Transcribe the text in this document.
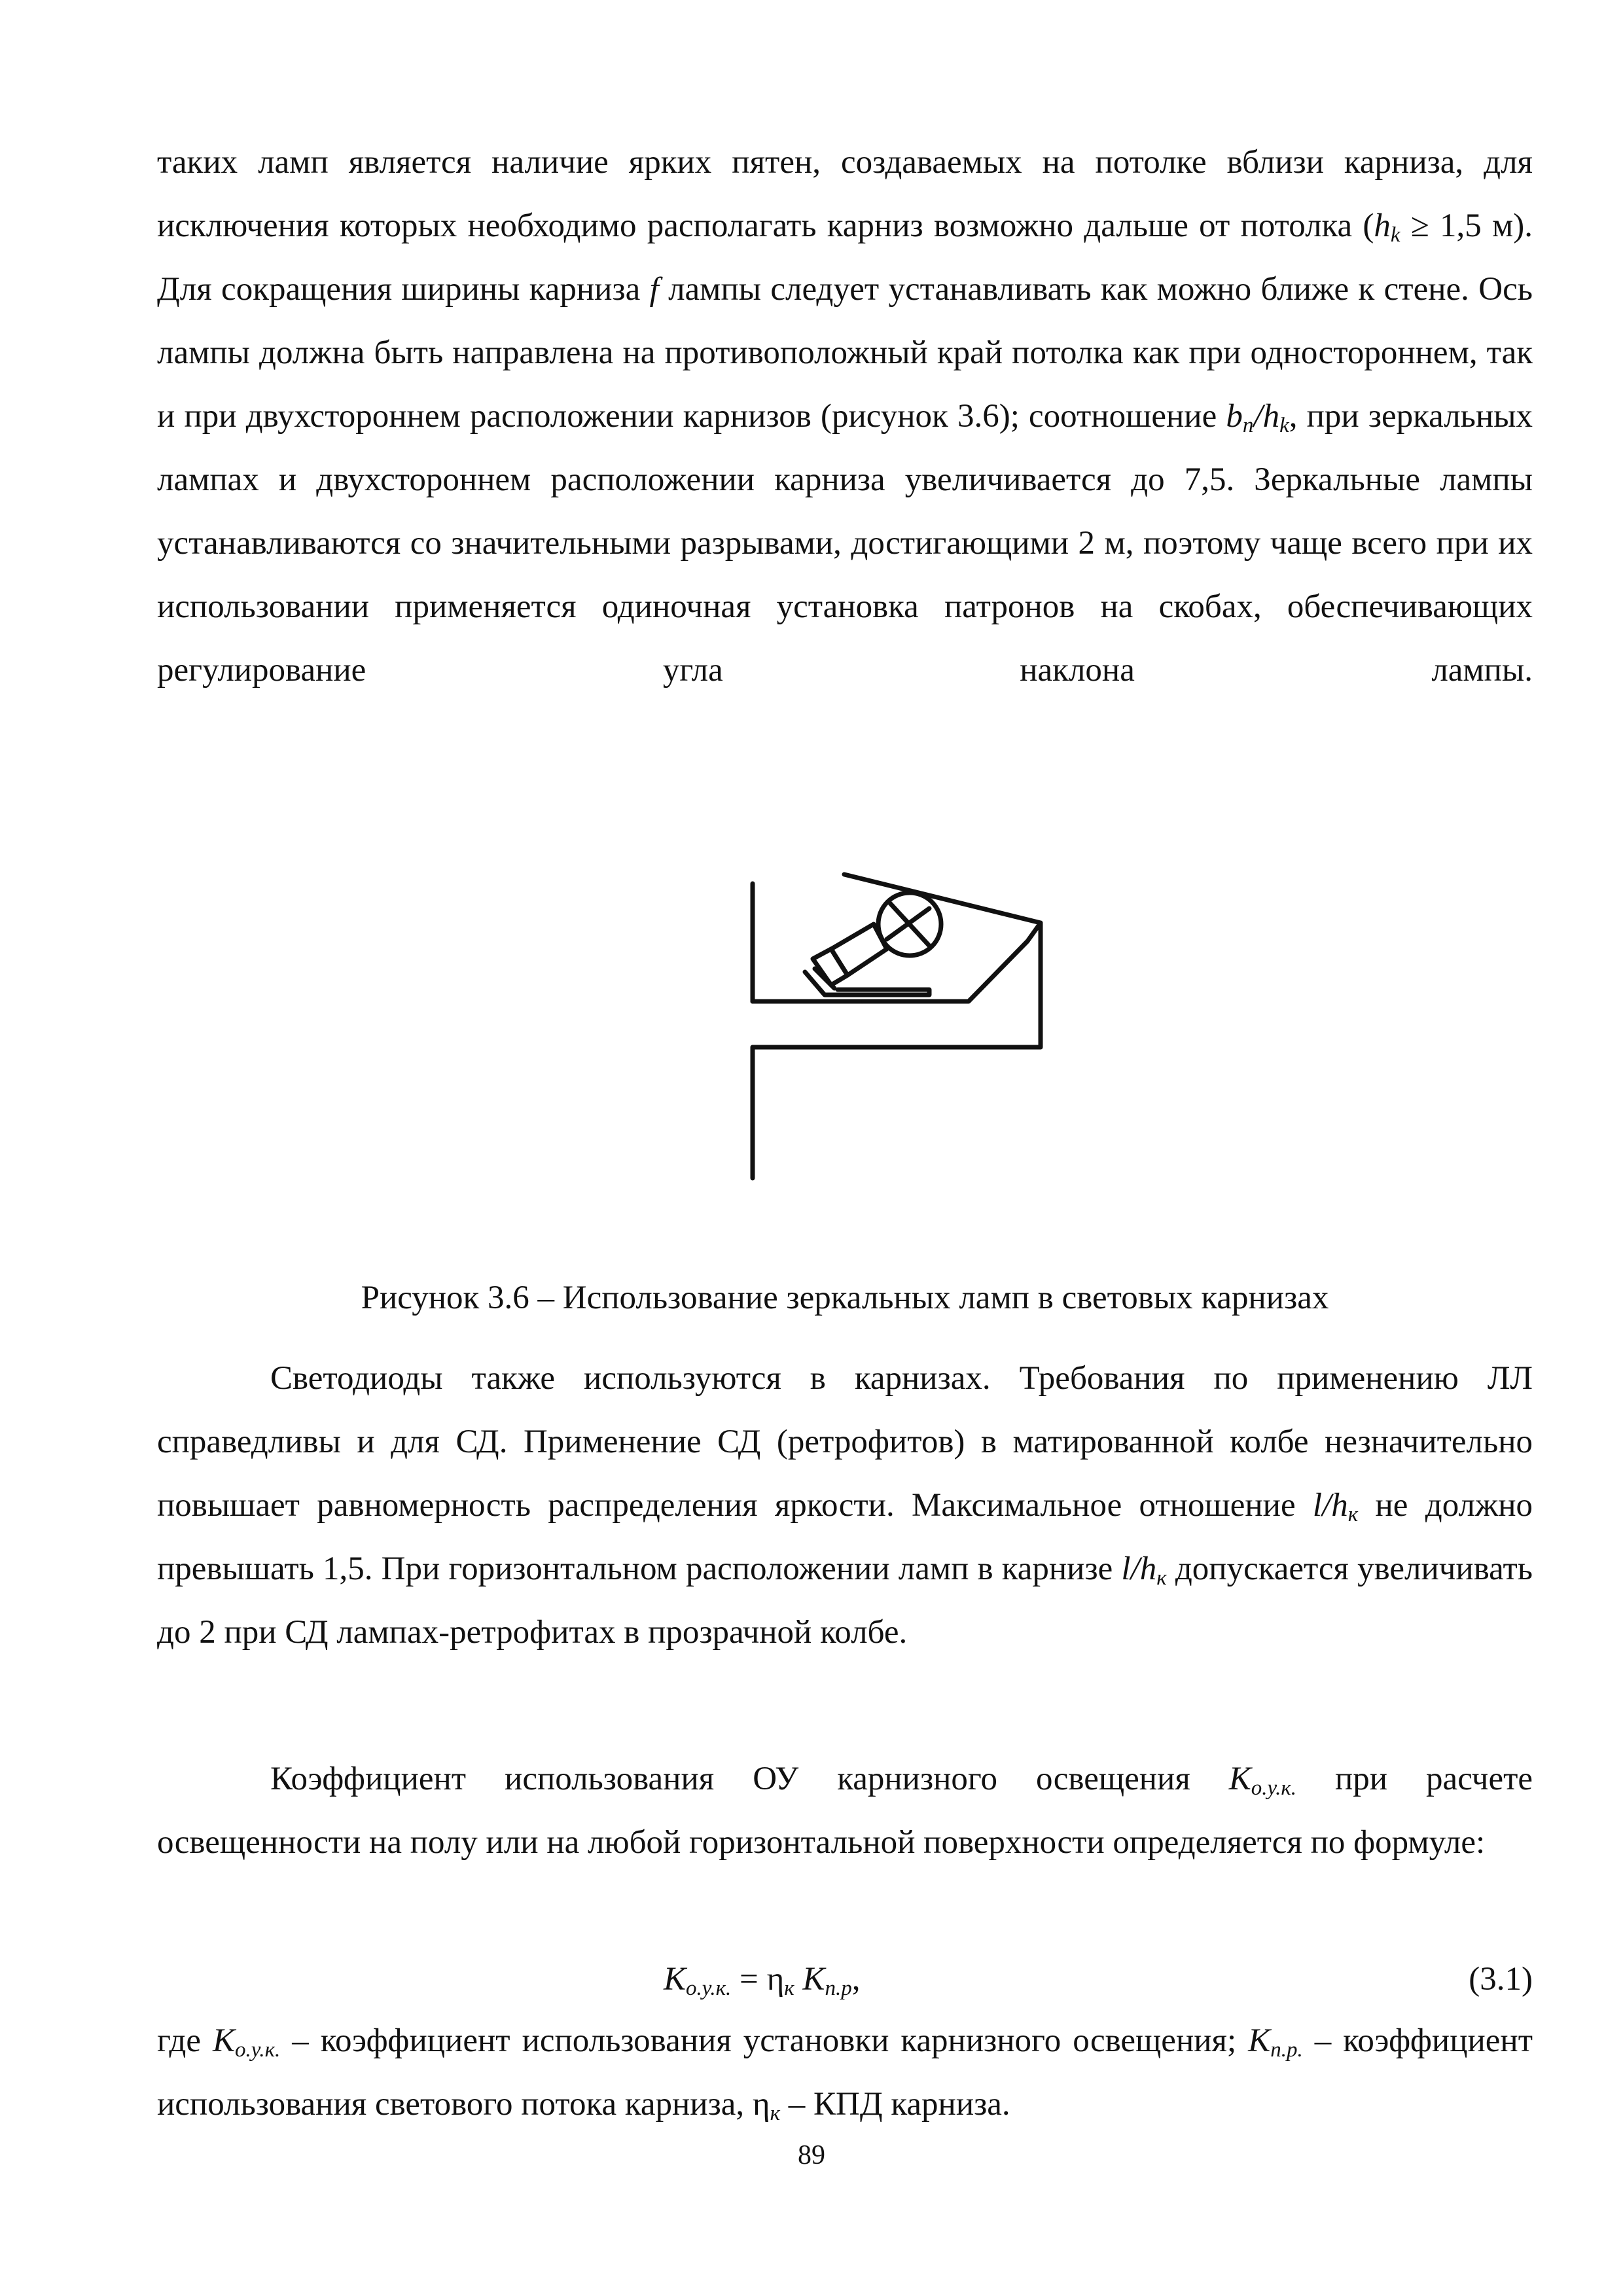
таких ламп является наличие ярких пятен, создаваемых на потолке вблизи карниза, для исключения которых необходимо располагать карниз возможно дальше от потолка ($h_k \ge 1,5$ м). Для сокращения ширины карниза f лампы следует устанавливать как можно ближе к стене. Ось лампы должна быть направлена на противоположный край потолка как при одностороннем, так и при двухстороннем расположении карнизов (рисунок 3.6); соотношение $b_n/h_k$, при зеркальных лампах и двухстороннем расположении карниза увеличивается до 7,5. Зеркальные лампы устанавливаются со значительными разрывами, достигающими 2 м, поэтому чаще всего при их использовании применяется одиночная установка патронов на скобах, обеспечивающих регулирование угла наклона лампы.

Рисунок 3.6 – Использование зеркальных ламп в световых карнизах

Светодиоды также используются в карнизах. Требования по применению ЛЛ справедливы и для СД. Применение СД (ретрофитов) в матированной колбе незначительно повышает равномерность распределения яркости. Максимальное отношение $l/h_к$ не должно превышать 1,5. При горизонтальном расположении ламп в карнизе $l/h_к$ допускается увеличивать до 2 при СД лампах-ретрофитах в прозрачной колбе.

Коэффициент использования ОУ карнизного освещения $K_{о.у.к.}$ при расчете освещенности на полу или на любой горизонтальной поверхности определяется по формуле:

$K_{о.у.к.} = \eta_к$ $K_{п.р}$,	(3.1)

где $K_{о.у.к.}$ – коэффициент использования установки карнизного освещения; $K_{п.р.}$ – коэффициент использования светового потока карниза, $\eta_к$ – КПД карниза.

89
